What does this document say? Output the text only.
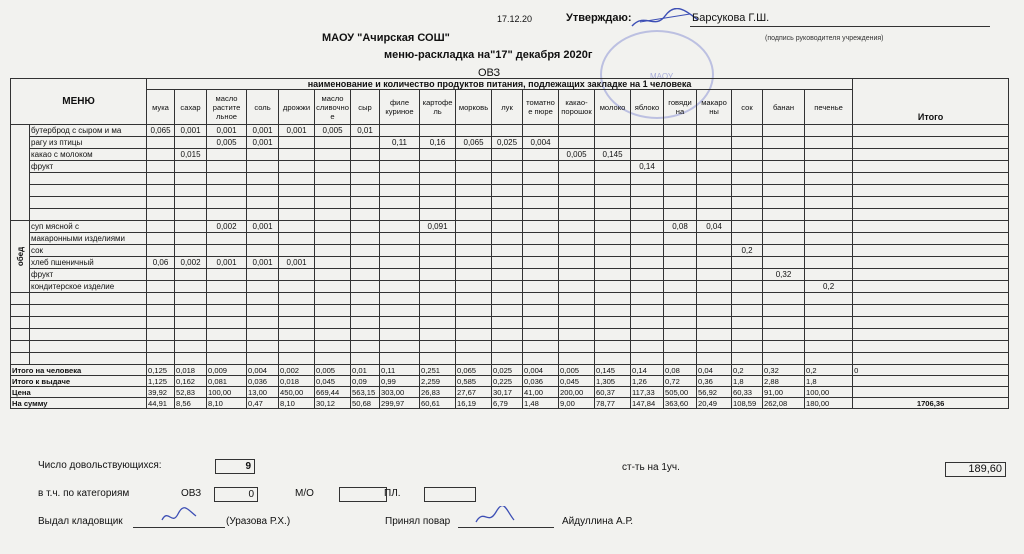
МАОУ
17.12.20	Утверждаю:	Барсукова Г.Ш.
(подпись руководителя учреждения)
МАОУ "Ачирская СОШ"
меню-раскладка на"17" декабря 2020г
ОВЗ
МЕНЮ		наименование и количество продуктов питания, подлежащих закладке на 1 человека																				Итого
		мука	сахар	масло растите льное	соль	дрожжи	масло сливочно е	сыр	филе куриное	картофе ль	морковь	лук	томатно е пюре	какао-порошок	молоко	яблоко	говяди на	макаро ны	сок	банан	печенье	
	бутерброд с сыром и ма	0,065	0,001	0,001	0,001	0,001	0,005	0,01														
	рагу из птицы			0,005	0,001				0,11	0,16	0,065	0,025	0,004									
	какао с молоком		0,015											0,005	0,145							
	фрукт															0,14						

обед	суп мясной с			0,002	0,001					0,091							0,08	0,04				
	макаронными изделиями																					
	сок																		0,2			
	хлеб пшеничный	0,06	0,002	0,001	0,001	0,001																
	фрукт																			0,32		
	кондитерское изделие																				0,2	

Итого на человека		0,125	0,018	0,009	0,004	0,002	0,005	0,01	0,11	0,251	0,065	0,025	0,004	0,005	0,145	0,14	0,08	0,04	0,2	0,32	0,2	0
Итого к выдаче		1,125	0,162	0,081	0,036	0,018	0,045	0,09	0,99	2,259	0,585	0,225	0,036	0,045	1,305	1,26	0,72	0,36	1,8	2,88	1,8	
Цена		39,92	52,83	100,00	13,00	450,00	669,44	563,15	303,00	26,83	27,67	30,17	41,00	200,00	60,37	117,33	505,00	56,92	60,33	91,00	100,00	
На сумму		44,91	8,56	8,10	0,47	8,10	30,12	50,68	299,97	60,61	16,19	6,79	1,48	9,00	78,77	147,84	363,60	20,49	108,59	262,08	180,00	1706,36
Число довольствующихся:	9	ст-ть на 1уч.	189,60
в т.ч. по категориям	ОВЗ	0	М/О	ПЛ.
Выдал кладовщик	(Уразова Р.Х.)	Принял повар	Айдуллина А.Р.
